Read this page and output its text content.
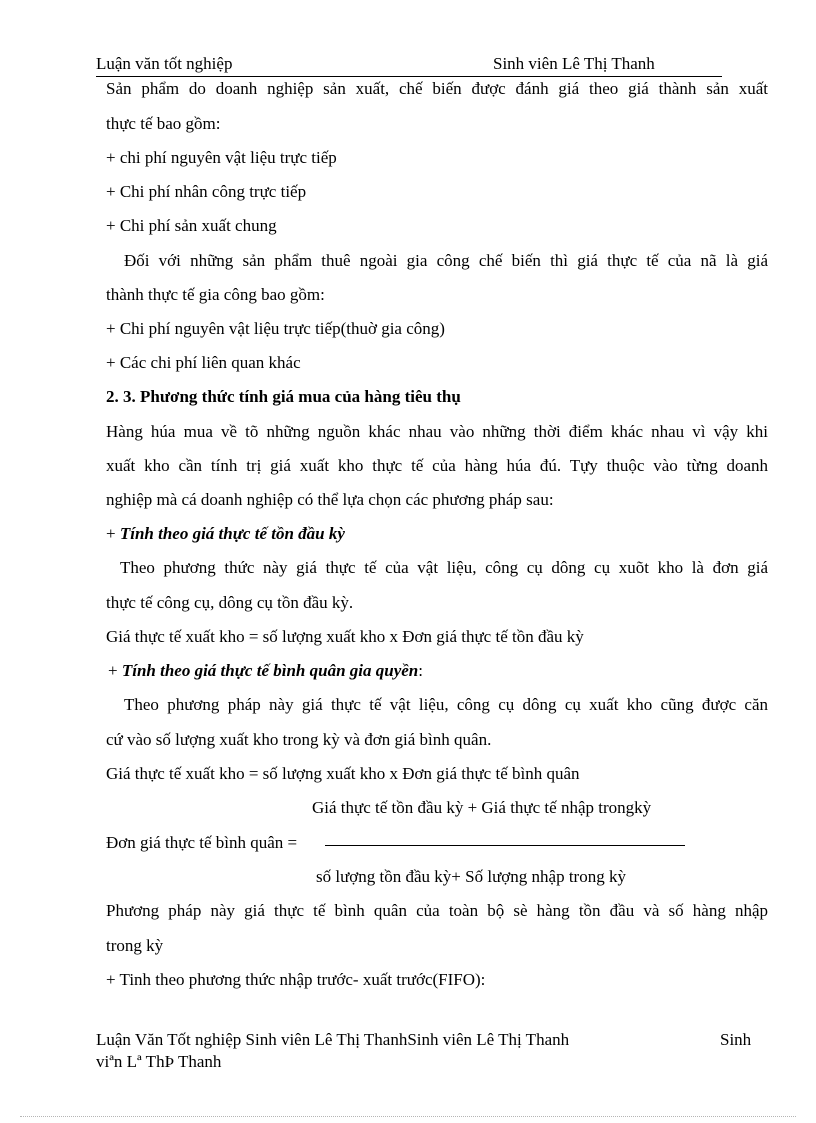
Luận văn tốt nghiệp	Sinh viên Lê Thị Thanh
Sản phẩm do doanh nghiệp sản xuất, chế biến được đánh giá theo giá thành sản xuất
thực tế bao gồm:
+ chi phí nguyên vật liệu trực tiếp
+ Chi phí nhân công trực tiếp
+ Chi phí sản xuất chung
Đối với những sản phẩm thuê ngoài gia công chế biến thì giá thực tế của nã là giá
thành thực tế gia công bao gồm:
+ Chi phí nguyên vật liệu trực tiếp(thuờ gia công)
+ Các chi phí liên quan khác
2. 3. Phương thức tính giá mua của hàng tiêu thụ
Hàng húa mua về tõ những nguồn khác nhau vào những thời điểm khác nhau vì vậy khi
xuất kho cần tính trị giá xuất kho thực tế của hàng húa đú. Tựy thuộc vào từng doanh
nghiệp mà cá doanh nghiệp có thể lựa chọn các phương pháp sau:
+ Tính theo giá thực tế tồn đầu kỳ
Theo phương thức này giá thực tế của vật liệu, công cụ dông cụ xuõt kho là đơn giá
thực tế công cụ, dông cụ tồn đầu kỳ.
Giá thực tế xuất kho = số lượng xuất kho x Đơn giá thực tế tồn đầu kỳ
+ Tính theo giá thực tế bình quân gia quyền:
Theo phương pháp này giá thực tế vật liệu, công cụ dông cụ xuất kho cũng được căn
cứ vào số lượng xuất kho trong kỳ và đơn giá bình quân.
Giá thực tế xuất kho = số lượng xuất kho x Đơn giá thực tế bình quân
Giá thực tế tồn đầu kỳ + Giá thực tế nhập trongkỳ
Đơn giá thực tế bình quân =
số lượng tồn đầu kỳ+ Số lượng nhập trong kỳ
Phương pháp này giá thực tế bình quân của toàn bộ sè hàng tồn đầu và số hàng nhập
trong kỳ
+ Tinh theo phương thức nhập trước- xuất trước(FIFO):
Luận Văn Tốt nghiệp Sinh viên Lê Thị ThanhSinh viên Lê Thị Thanh	Sinh
viªn Lª ThÞ Thanh
